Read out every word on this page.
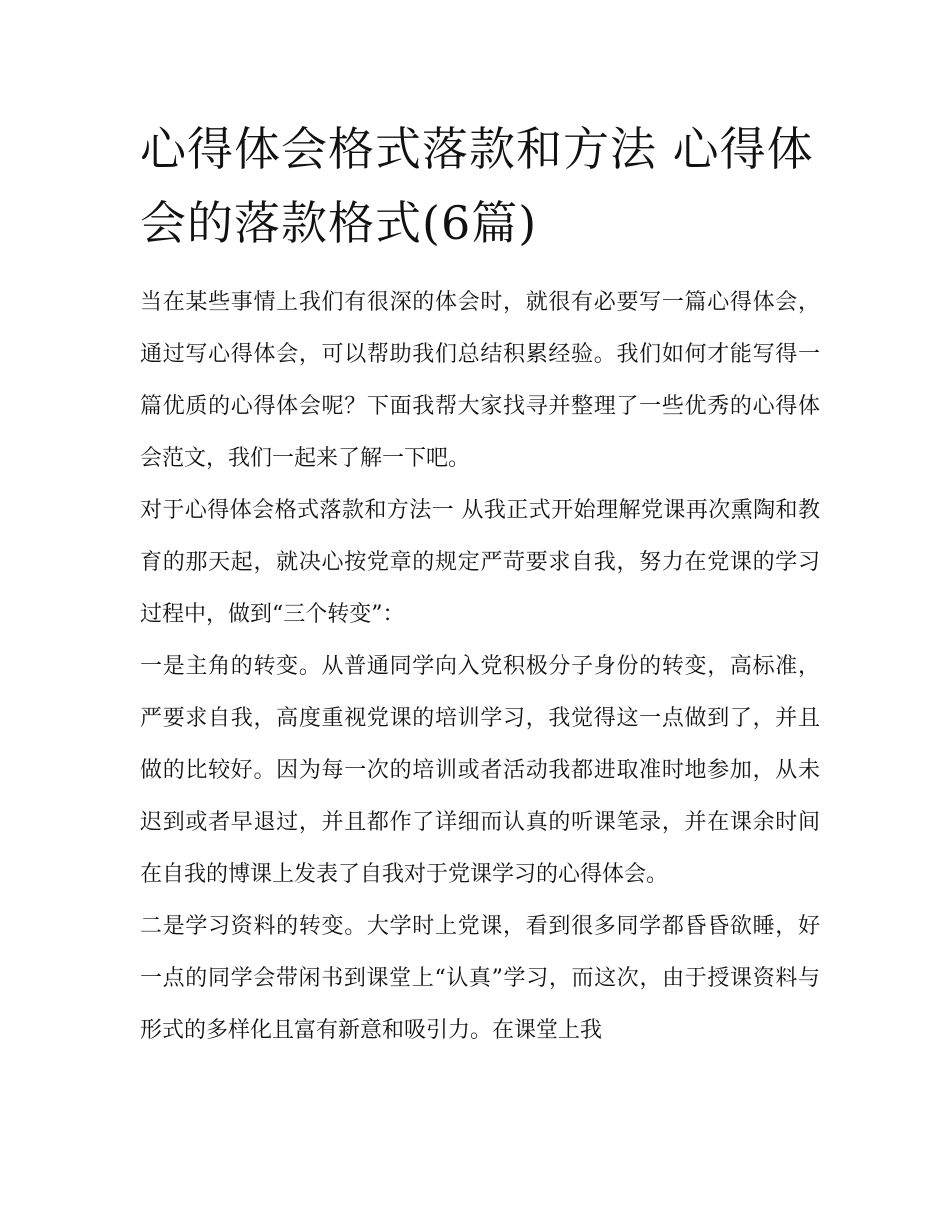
心得体会格式落款和方法 心得体会的落款格式(6篇)

当在某些事情上我们有很深的体会时，就很有必要写一篇心得体会，通过写心得体会，可以帮助我们总结积累经验。我们如何才能写得一篇优质的心得体会呢？下面我帮大家找寻并整理了一些优秀的心得体会范文，我们一起来了解一下吧。

对于心得体会格式落款和方法一 从我正式开始理解党课再次熏陶和教育的那天起，就决心按党章的规定严苛要求自我，努力在党课的学习过程中，做到“三个转变”：

一是主角的转变。从普通同学向入党积极分子身份的转变，高标准，严要求自我，高度重视党课的培训学习，我觉得这一点做到了，并且做的比较好。因为每一次的培训或者活动我都进取准时地参加，从未迟到或者早退过，并且都作了详细而认真的听课笔录，并在课余时间在自我的博课上发表了自我对于党课学习的心得体会。

二是学习资料的转变。大学时上党课，看到很多同学都昏昏欲睡，好一点的同学会带闲书到课堂上“认真”学习，而这次，由于授课资料与形式的多样化且富有新意和吸引力。在课堂上我
